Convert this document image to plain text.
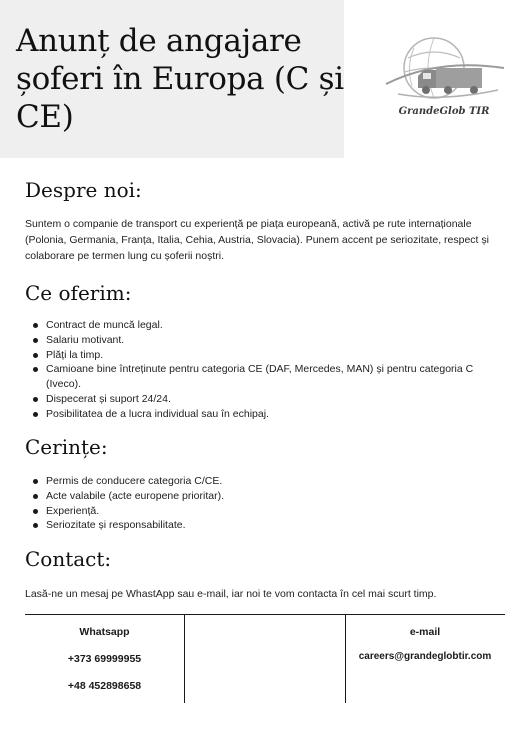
Anunț de angajare șoferi în Europa (C și CE)	GrandeGlob TIR
Despre noi:

Suntem o companie de transport cu experiență pe piața europeană, activă pe rute internaționale (Polonia, Germania, Franța, Italia, Cehia, Austria, Slovacia). Punem accent pe seriozitate, respect și colaborare pe termen lung cu șoferii noștri.

Ce oferim:
Contract de muncă legal.
Salariu motivant.
Plăți la timp.
Camioane bine întreținute pentru categoria CE (DAF, Mercedes, MAN) și pentru categoria C (Iveco).
Dispecerat și suport 24/24.
Posibilitatea de a lucra individual sau în echipaj.
Cerințe:
Permis de conducere categoria C/CE.
Acte valabile (acte europene prioritar).
Experiență.
Seriozitate și responsabilitate.
Contact:

Lasă-ne un mesaj pe WhastApp sau e-mail, iar noi te vom contacta în cel mai scurt timp.

Whatsapp
+373 69999955
+48 452898658
e-mail
careers@grandeglobtir.com
